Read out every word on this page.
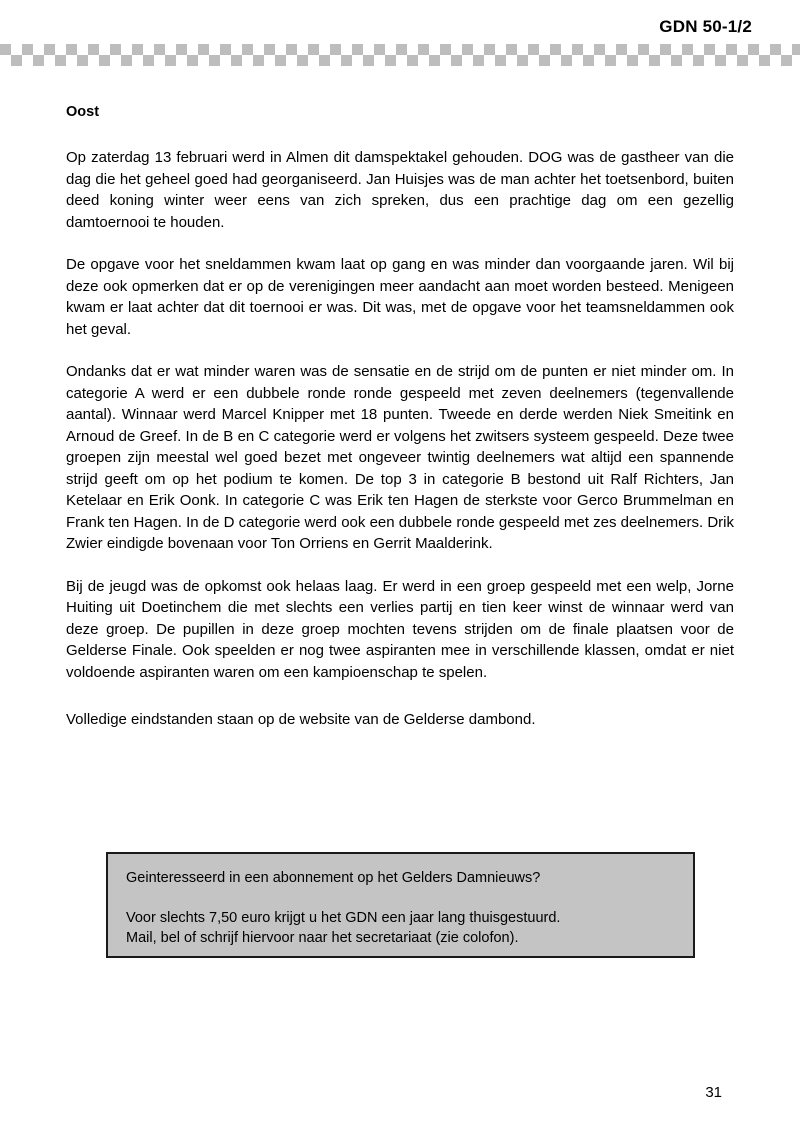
GDN 50-1/2
Oost

Op zaterdag 13 februari werd in Almen dit damspektakel gehouden. DOG was de gastheer van die dag die het geheel goed had georganiseerd. Jan Huisjes was de man achter het toetsenbord, buiten deed koning winter weer eens van zich spreken, dus een prachtige dag om een gezellig damtoernooi te houden.

De opgave voor het sneldammen kwam laat op gang en was minder dan voorgaande jaren. Wil bij deze ook opmerken dat er op de verenigingen meer aandacht aan moet worden besteed. Menigeen kwam er laat achter dat dit toernooi er was. Dit was, met de opgave voor het teamsneldammen ook het geval.

Ondanks dat er wat minder waren was de sensatie en de strijd om de punten er niet minder om. In categorie A werd er een dubbele ronde ronde gespeeld met zeven deelnemers (tegenvallende aantal). Winnaar werd Marcel Knipper met 18 punten. Tweede en derde werden Niek Smeitink en Arnoud de Greef. In de B en C categorie werd er volgens het zwitsers systeem gespeeld. Deze twee groepen zijn meestal wel goed bezet met ongeveer twintig deelnemers wat altijd een spannende strijd geeft om op het podium te komen. De top 3 in categorie B bestond uit Ralf Richters, Jan Ketelaar en Erik Oonk. In categorie C was Erik ten Hagen de sterkste voor Gerco Brummelman en Frank ten Hagen. In de D categorie werd ook een dubbele ronde gespeeld met zes deelnemers. Drik Zwier eindigde bovenaan voor Ton Orriens en Gerrit Maalderink.

Bij de jeugd was de opkomst ook helaas laag. Er werd in een groep gespeeld met een welp, Jorne Huiting uit Doetinchem die met slechts een verlies partij en tien keer winst de winnaar werd van deze groep. De pupillen in deze groep mochten tevens strijden om de finale plaatsen voor de Gelderse Finale. Ook speelden er nog twee aspiranten mee in verschillende klassen, omdat er niet voldoende aspiranten waren om een kampioenschap te spelen.

Volledige eindstanden staan op de website van de Gelderse dambond.

Geinteresseerd in een abonnement op het Gelders Damnieuws?

Voor slechts 7,50 euro krijgt u het GDN een jaar lang thuisgestuurd.

Mail, bel of schrijf hiervoor naar het secretariaat (zie colofon).

31
